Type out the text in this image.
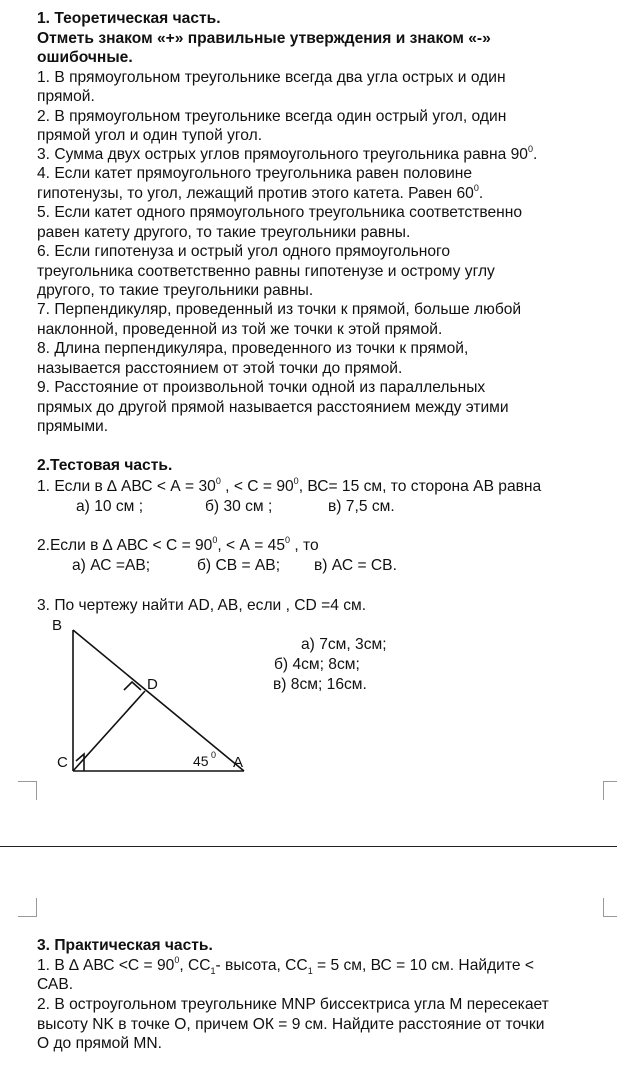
1. Теоретическая часть.
Отметь знаком «+» правильные утверждения и знаком «-»
ошибочные.
1. В прямоугольном треугольнике всегда два угла острых и один
прямой.
2. В прямоугольном треугольнике всегда один острый угол, один
прямой угол и один тупой угол.
3. Сумма двух острых углов прямоугольного треугольника равна $90^0$.
4. Если катет прямоугольного треугольника равен половине
гипотенузы, то угол, лежащий против этого катета. Равен $60^0$.
5. Если катет одного прямоугольного треугольника соответственно
равен катету другого, то такие треугольники равны.
6. Если гипотенуза и острый угол одного прямоугольного
треугольника соответственно равны гипотенузе и острому углу
другого, то такие треугольники равны.
7. Перпендикуляр, проведенный из точки к прямой, больше любой
наклонной, проведенной из той же точки к этой прямой.
8. Длина перпендикуляра, проведенного из точки к прямой,
называется расстоянием от этой точки до прямой.
9. Расстояние от произвольной точки одной из параллельных
прямых до другой прямой называется расстоянием между этими
прямыми.
2.Тестовая часть.
1. Если в ∆ АВС < $А = 30^0$ , < $С = 90^0$, ВС= 15 см, то сторона АВ равна
а) 10 см ;	б) 30 см ;	в) 7,5 см.
2.Если в ∆ АВС < $С = 90^0$, < $А = 45^0$ , то
а) АС =АВ;	б) СВ = АВ; в) АС = СВ.
3. По чертежу найти AD, AB, если , CD =4 см.
а) 7см, 3см;
б) 4см; 8см;
в) 8см; 16см.
B
C
D
A
45 0
3. Практическая часть.
1. В ∆ АВС $<С = 90^0$, $СС_1-$ высота, $СС_1 = 5$ см, ВС = 10 см. Найдите <
САВ.
2. В остроугольном треугольнике MNP биссектриса угла М пересекает
высоту NK в точке О, причем ОК = 9 см. Найдите расстояние от точки
О до прямой MN.
